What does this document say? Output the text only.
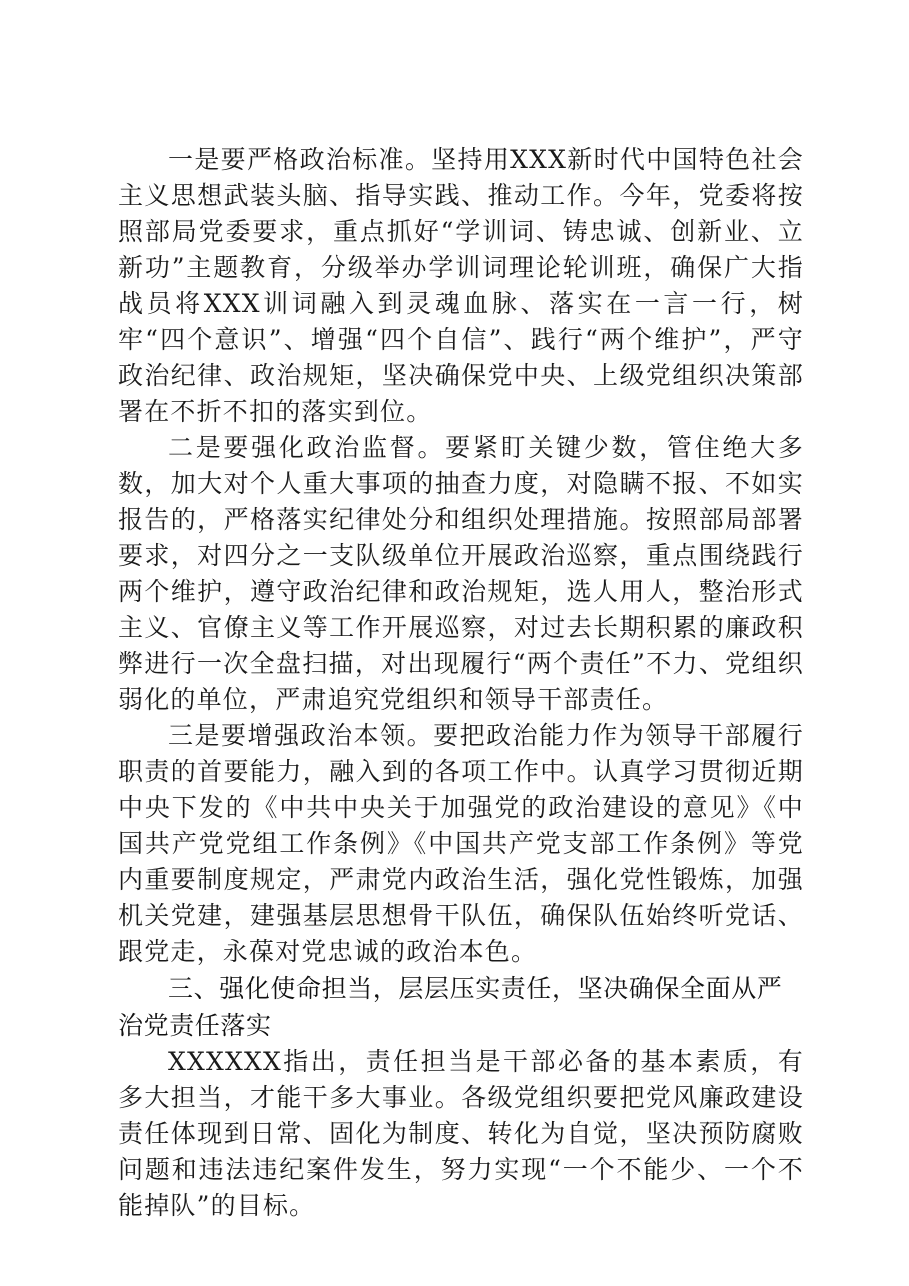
一是要严格政治标准。坚持用XXX新时代中国特色社会主义思想武装头脑、指导实践、推动工作。今年，党委将按照部局党委要求，重点抓好“学训词、铸忠诚、创新业、立新功”主题教育，分级举办学训词理论轮训班，确保广大指战员将XXX训词融入到灵魂血脉、落实在一言一行，树牢“四个意识”、增强“四个自信”、践行“两个维护”，严守政治纪律、政治规矩，坚决确保党中央、上级党组织决策部署在不折不扣的落实到位。

二是要强化政治监督。要紧盯关键少数，管住绝大多数，加大对个人重大事项的抽查力度，对隐瞒不报、不如实报告的，严格落实纪律处分和组织处理措施。按照部局部署要求，对四分之一支队级单位开展政治巡察，重点围绕践行两个维护，遵守政治纪律和政治规矩，选人用人，整治形式主义、官僚主义等工作开展巡察，对过去长期积累的廉政积弊进行一次全盘扫描，对出现履行“两个责任”不力、党组织弱化的单位，严肃追究党组织和领导干部责任。

三是要增强政治本领。要把政治能力作为领导干部履行职责的首要能力，融入到的各项工作中。认真学习贯彻近期中央下发的《中共中央关于加强党的政治建设的意见》《中国共产党党组工作条例》《中国共产党支部工作条例》等党内重要制度规定，严肃党内政治生活，强化党性锻炼，加强机关党建，建强基层思想骨干队伍，确保队伍始终听党话、跟党走，永葆对党忠诚的政治本色。

三、强化使命担当，层层压实责任，坚决确保全面从严治党责任落实

XXXXXX指出，责任担当是干部必备的基本素质，有多大担当，才能干多大事业。各级党组织要把党风廉政建设责任体现到日常、固化为制度、转化为自觉，坚决预防腐败问题和违法违纪案件发生，努力实现“一个不能少、一个不能掉队”的目标。
